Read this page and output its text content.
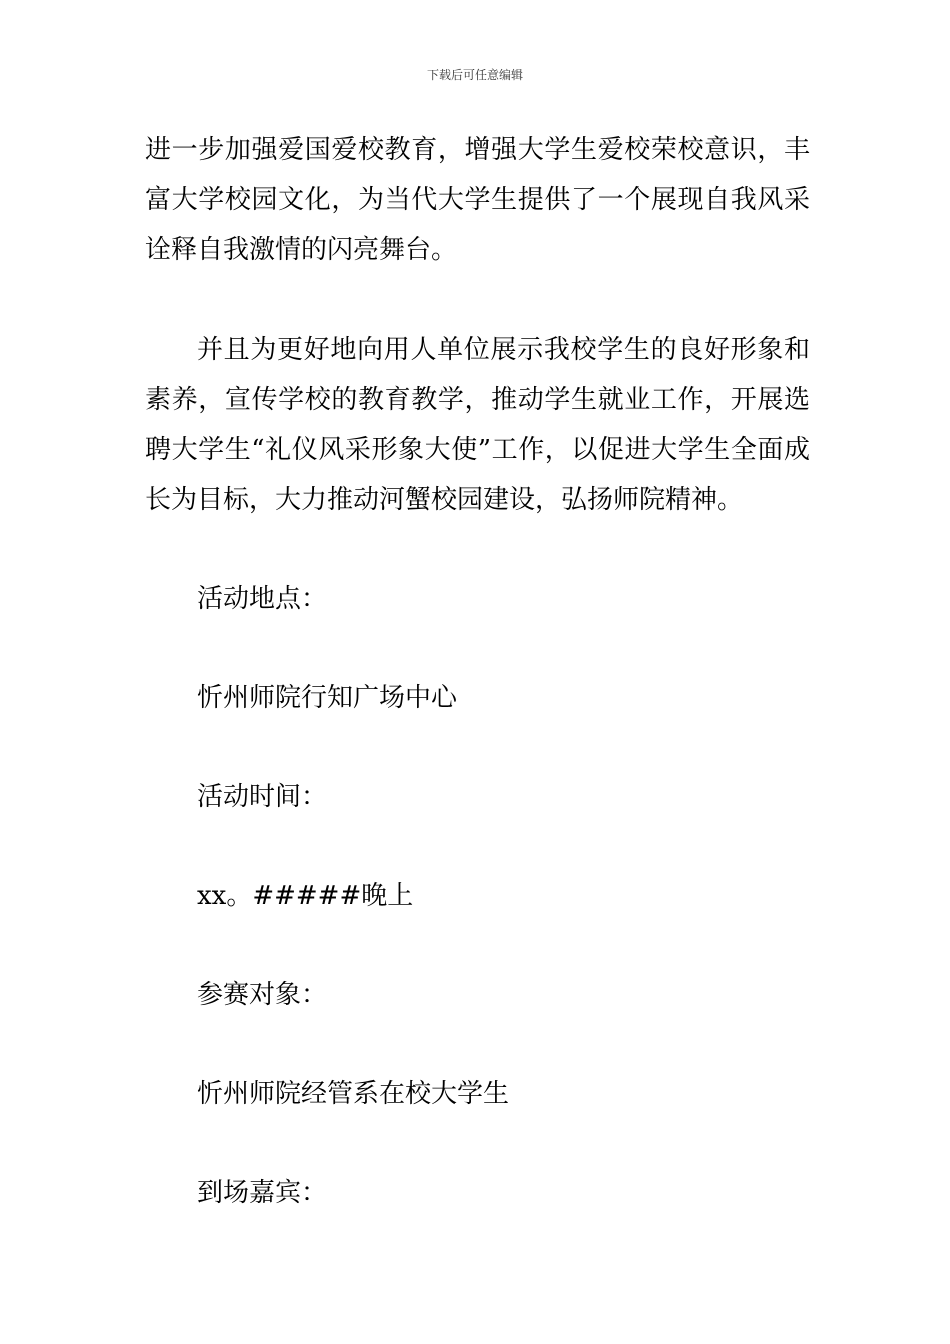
下载后可任意编辑

进一步加强爱国爱校教育，增强大学生爱校荣校意识，丰富大学校园文化，为当代大学生提供了一个展现自我风采诠释自我激情的闪亮舞台。

并且为更好地向用人单位展示我校学生的良好形象和素养，宣传学校的教育教学，推动学生就业工作，开展选聘大学生“礼仪风采形象大使”工作，以促进大学生全面成长为目标，大力推动河蟹校园建设，弘扬师院精神。

活动地点：

忻州师院行知广场中心

活动时间：

xx。#####晚上

参赛对象：

忻州师院经管系在校大学生

到场嘉宾：
